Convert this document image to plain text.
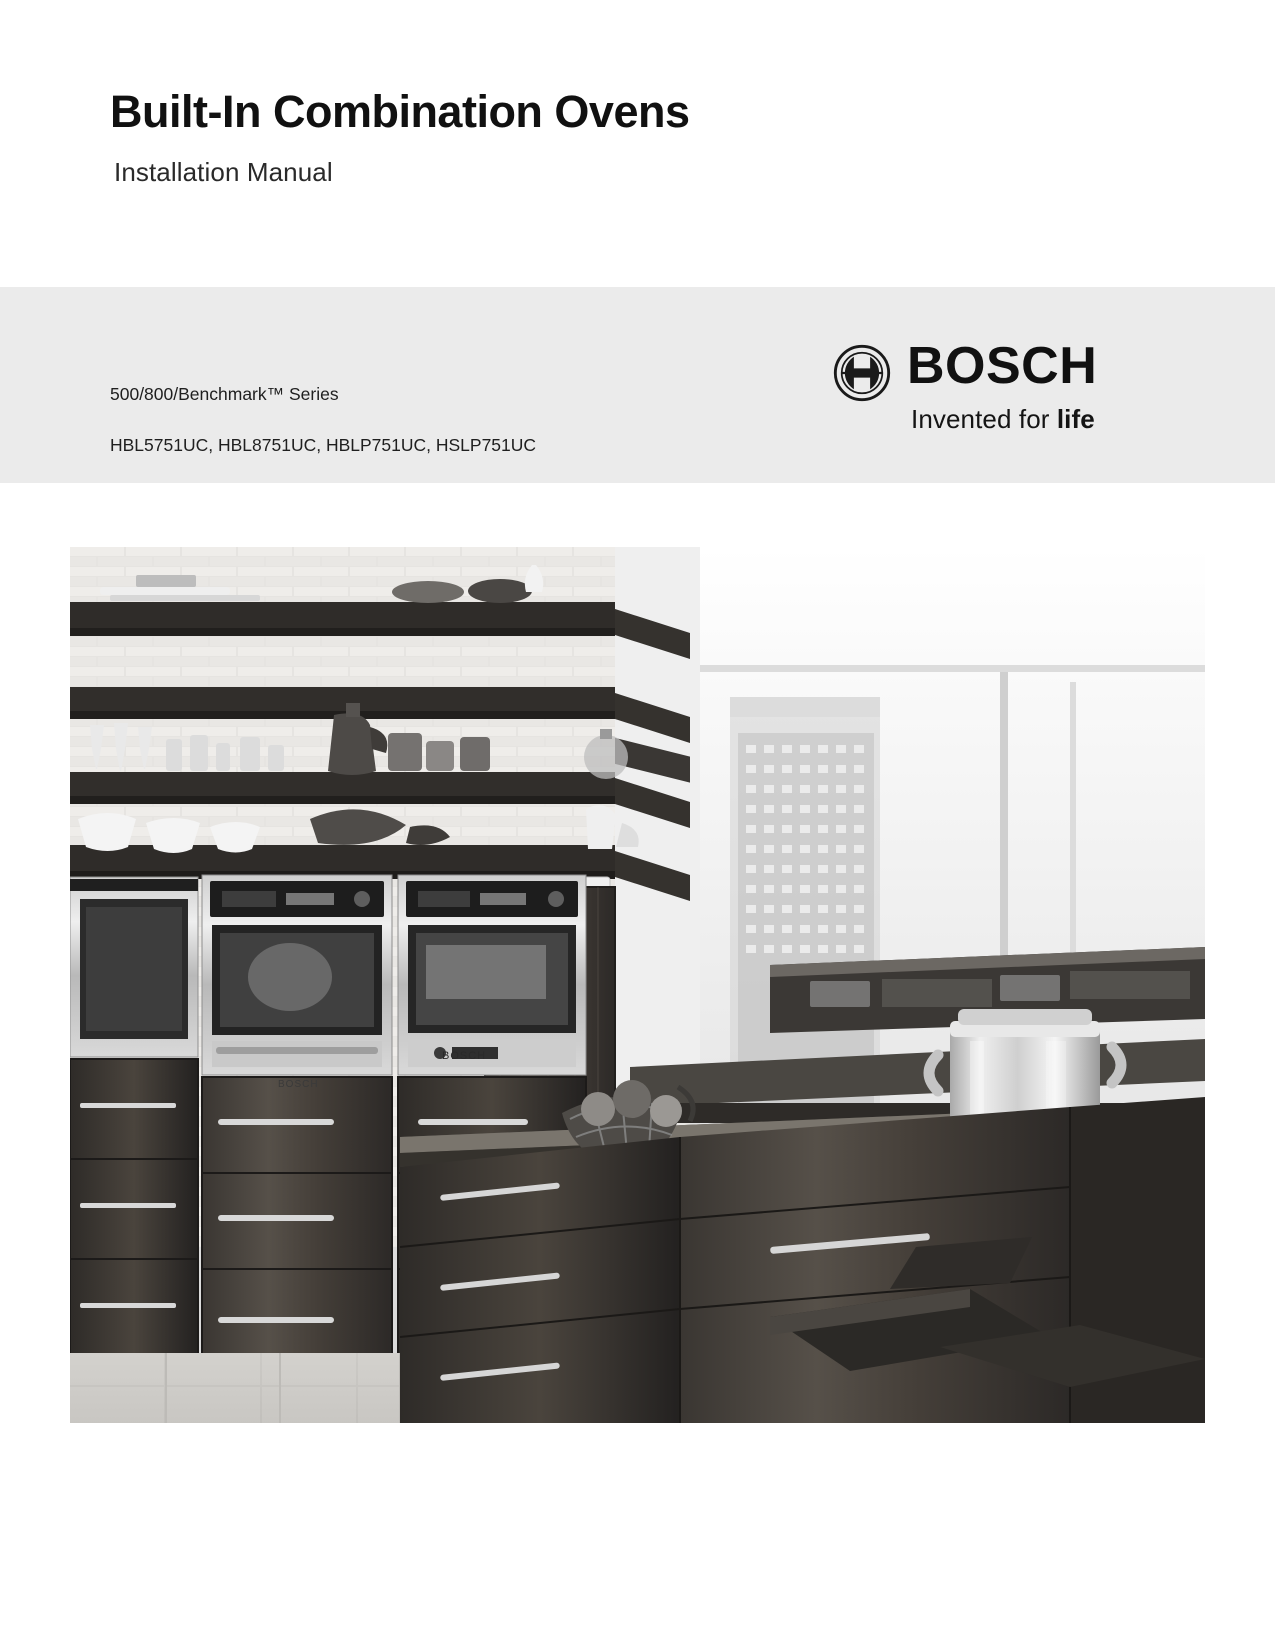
Built-In Combination Ovens
Installation Manual

500/800/Benchmark™ Series

HBL5751UC, HBL8751UC, HBLP751UC, HSLP751UC

BOSCH
Invented for life
BOSCH
BOSCH
